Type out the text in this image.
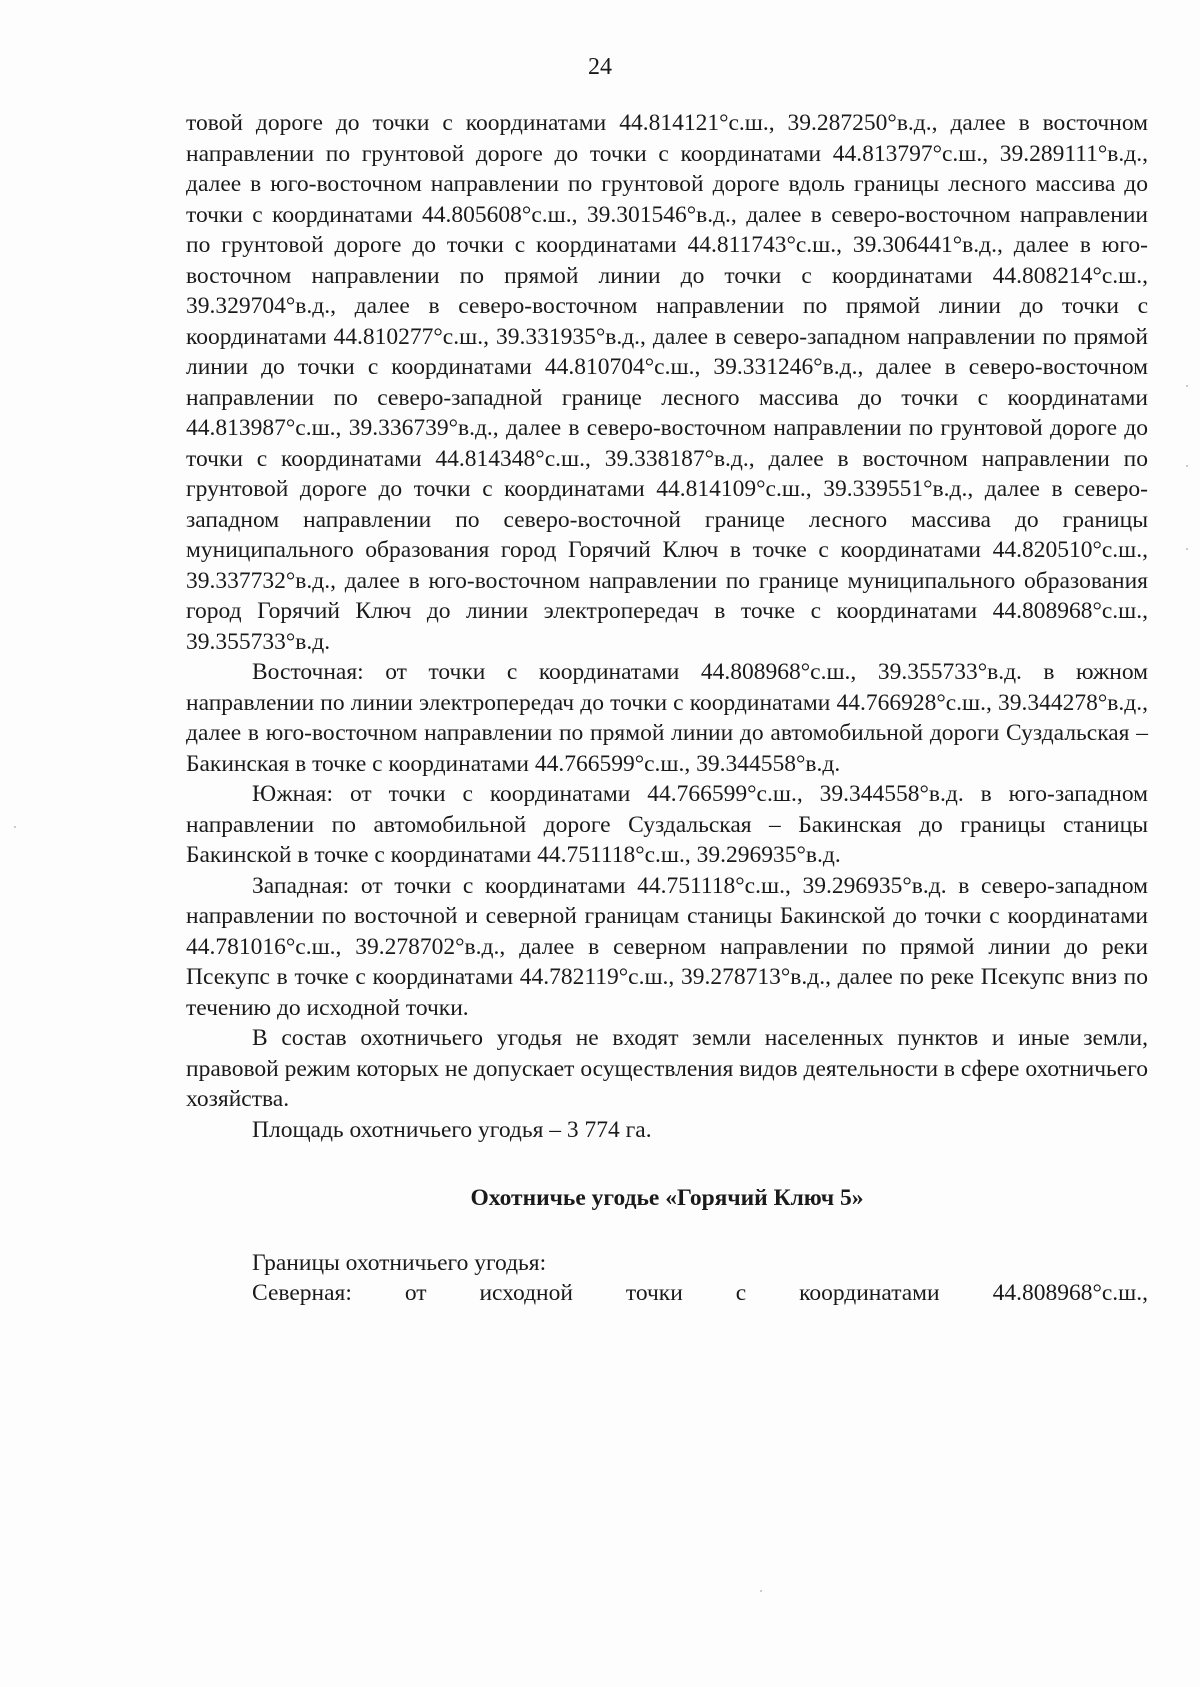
24

товой дороге до точки с координатами 44.814121°с.ш., 39.287250°в.д., далее в восточном направлении по грунтовой дороге до точки с координатами 44.813797°с.ш., 39.289111°в.д., далее в юго-восточном направлении по грунтовой дороге вдоль границы лесного массива до точки с координатами 44.805608°с.ш., 39.301546°в.д., далее в северо-восточном направлении по грунтовой дороге до точки с координатами 44.811743°с.ш., 39.306441°в.д., далее в юго-восточном направлении по прямой линии до точки с координатами 44.808214°с.ш., 39.329704°в.д., далее в северо-восточном направлении по прямой линии до точки с координатами 44.810277°с.ш., 39.331935°в.д., далее в северо-западном направлении по прямой линии до точки с координатами 44.810704°с.ш., 39.331246°в.д., далее в северо-восточном направлении по северо-западной границе лесного массива до точки с координатами 44.813987°с.ш., 39.336739°в.д., далее в северо-восточном направлении по грунтовой дороге до точки с координатами 44.814348°с.ш., 39.338187°в.д., далее в восточном направлении по грунтовой дороге до точки с координатами 44.814109°с.ш., 39.339551°в.д., далее в северо-западном направлении по северо-восточной границе лесного массива до границы муниципального образования город Горячий Ключ в точке с координатами 44.820510°с.ш., 39.337732°в.д., далее в юго-восточном направлении по границе муниципального образования город Горячий Ключ до линии электропередач в точке с координатами 44.808968°с.ш., 39.355733°в.д.

Восточная: от точки с координатами 44.808968°с.ш., 39.355733°в.д. в южном направлении по линии электропередач до точки с координатами 44.766928°с.ш., 39.344278°в.д., далее в юго-восточном направлении по прямой линии до автомобильной дороги Суздальская – Бакинская в точке с координатами 44.766599°с.ш., 39.344558°в.д.

Южная: от точки с координатами 44.766599°с.ш., 39.344558°в.д. в юго-западном направлении по автомобильной дороге Суздальская – Бакинская до границы станицы Бакинской в точке с координатами 44.751118°с.ш., 39.296935°в.д.

Западная: от точки с координатами 44.751118°с.ш., 39.296935°в.д. в северо-западном направлении по восточной и северной границам станицы Бакинской до точки с координатами 44.781016°с.ш., 39.278702°в.д., далее в северном направлении по прямой линии до реки Псекупс в точке с координатами 44.782119°с.ш., 39.278713°в.д., далее по реке Псекупс вниз по течению до исходной точки.

В состав охотничьего угодья не входят земли населенных пунктов и иные земли, правовой режим которых не допускает осуществления видов деятельности в сфере охотничьего хозяйства.

Площадь охотничьего угодья – 3 774 га.

Охотничье угодье «Горячий Ключ 5»

Границы охотничьего угодья:

Северная: от исходной точки с координатами 44.808968°с.ш.,
